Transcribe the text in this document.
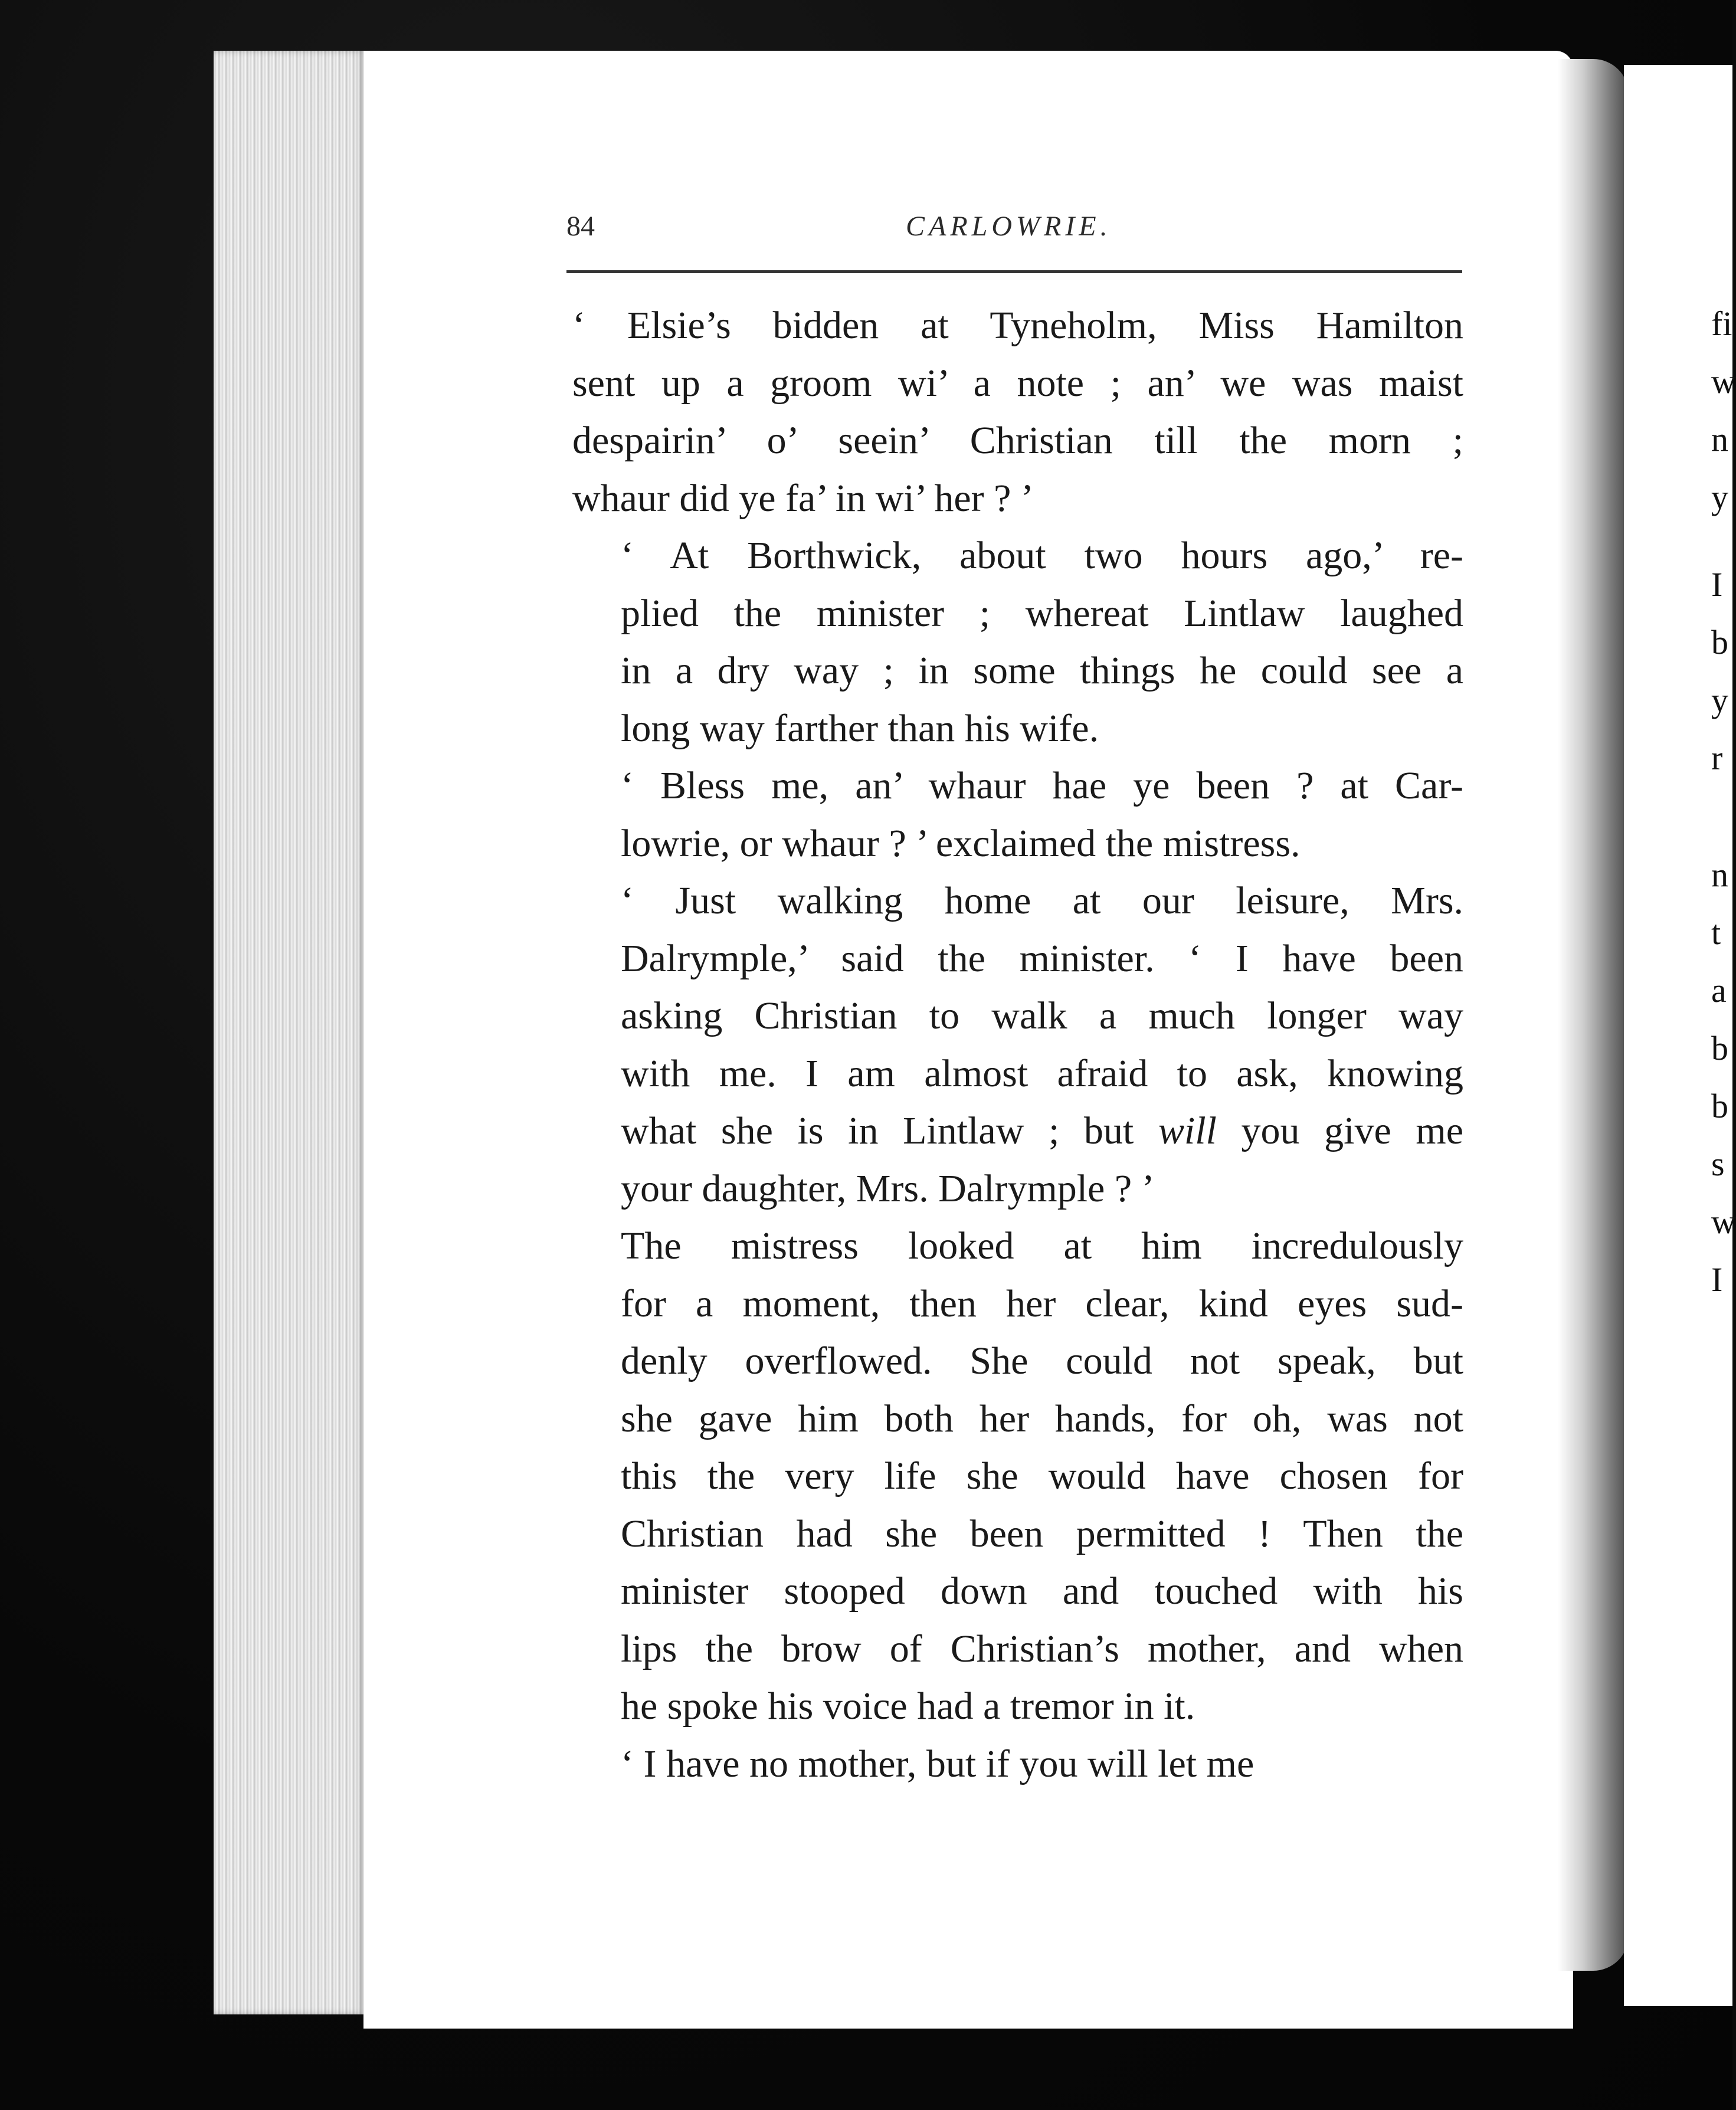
84	CARLOWRIE.

‘ Elsie’s bidden at Tyneholm, Miss Hamilton
sent up a groom wi’ a note ; an’ we was maist
despairin’ o’ seein’ Christian till the morn ;
whaur did ye fa’ in wi’ her ? ’

‘ At Borthwick, about two hours ago,’ re-
plied the minister ; whereat Lintlaw laughed
in a dry way ; in some things he could see a
long way farther than his wife.

‘ Bless me, an’ whaur hae ye been ? at Car-
lowrie, or whaur ? ’ exclaimed the mistress.

‘ Just walking home at our leisure, Mrs.
Dalrymple,’ said the minister. ‘ I have been
asking Christian to walk a much longer way
with me. I am almost afraid to ask, knowing
what she is in Lintlaw ; but will you give me
your daughter, Mrs. Dalrymple ? ’

The mistress looked at him incredulously
for a moment, then her clear, kind eyes sud-
denly overflowed. She could not speak, but
she gave him both her hands, for oh, was not
this the very life she would have chosen for
Christian had she been permitted ! Then the
minister stooped down and touched with his
lips the brow of Christian’s mother, and when
he spoke his voice had a tremor in it.

‘ I have no mother, but if you will let me

fi
w
n
y
I
b
y
r
n
t
a
b
b
s
w
I
